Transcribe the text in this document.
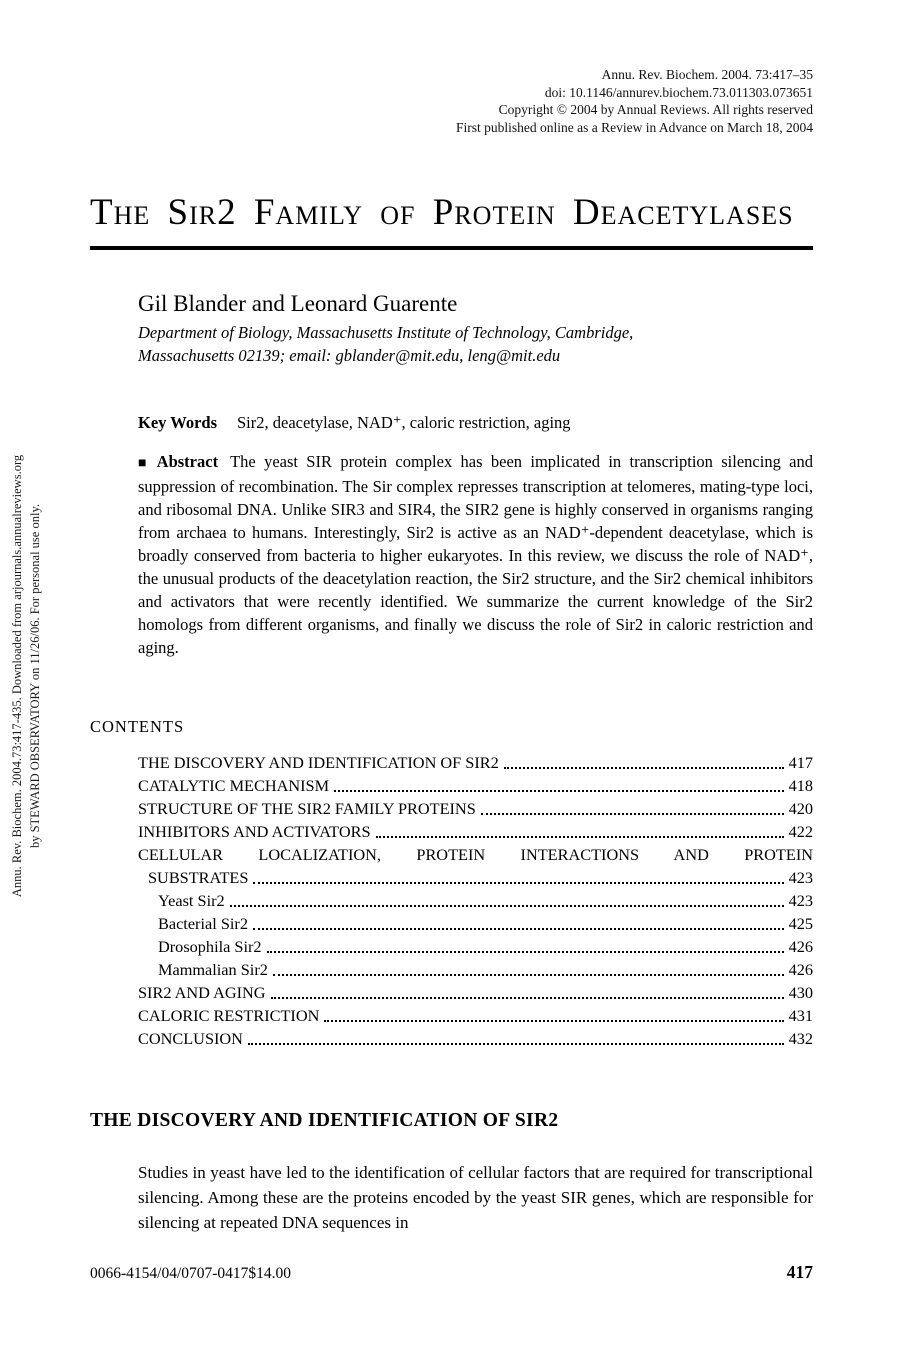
Annu. Rev. Biochem. 2004.73:417-435. Downloaded from arjournals.annualreviews.org by STEWARD OBSERVATORY on 11/26/06. For personal use only.
Annu. Rev. Biochem. 2004. 73:417–35
doi: 10.1146/annurev.biochem.73.011303.073651
Copyright © 2004 by Annual Reviews. All rights reserved
First published online as a Review in Advance on March 18, 2004
The Sir2 Family of Protein Deacetylases
Gil Blander and Leonard Guarente
Department of Biology, Massachusetts Institute of Technology, Cambridge, Massachusetts 02139; email: gblander@mit.edu, leng@mit.edu

Key Words Sir2, deacetylase, NAD⁺, caloric restriction, aging

■ Abstract The yeast SIR protein complex has been implicated in transcription silencing and suppression of recombination. The Sir complex represses transcription at telomeres, mating-type loci, and ribosomal DNA. Unlike SIR3 and SIR4, the SIR2 gene is highly conserved in organisms ranging from archaea to humans. Interestingly, Sir2 is active as an NAD⁺-dependent deacetylase, which is broadly conserved from bacteria to higher eukaryotes. In this review, we discuss the role of NAD⁺, the unusual products of the deacetylation reaction, the Sir2 structure, and the Sir2 chemical inhibitors and activators that were recently identified. We summarize the current knowledge of the Sir2 homologs from different organisms, and finally we discuss the role of Sir2 in caloric restriction and aging.

CONTENTS
THE DISCOVERY AND IDENTIFICATION OF SIR2	417
CATALYTIC MECHANISM	418
STRUCTURE OF THE SIR2 FAMILY PROTEINS	420
INHIBITORS AND ACTIVATORS	422
CELLULAR LOCALIZATION, PROTEIN INTERACTIONS AND PROTEIN
SUBSTRATES	423
Yeast Sir2	423
Bacterial Sir2	425
Drosophila Sir2	426
Mammalian Sir2	426
SIR2 AND AGING	430
CALORIC RESTRICTION	431
CONCLUSION	432
THE DISCOVERY AND IDENTIFICATION OF SIR2

Studies in yeast have led to the identification of cellular factors that are required for transcriptional silencing. Among these are the proteins encoded by the yeast SIR genes, which are responsible for silencing at repeated DNA sequences in

0066-4154/04/0707-0417$14.00	417
